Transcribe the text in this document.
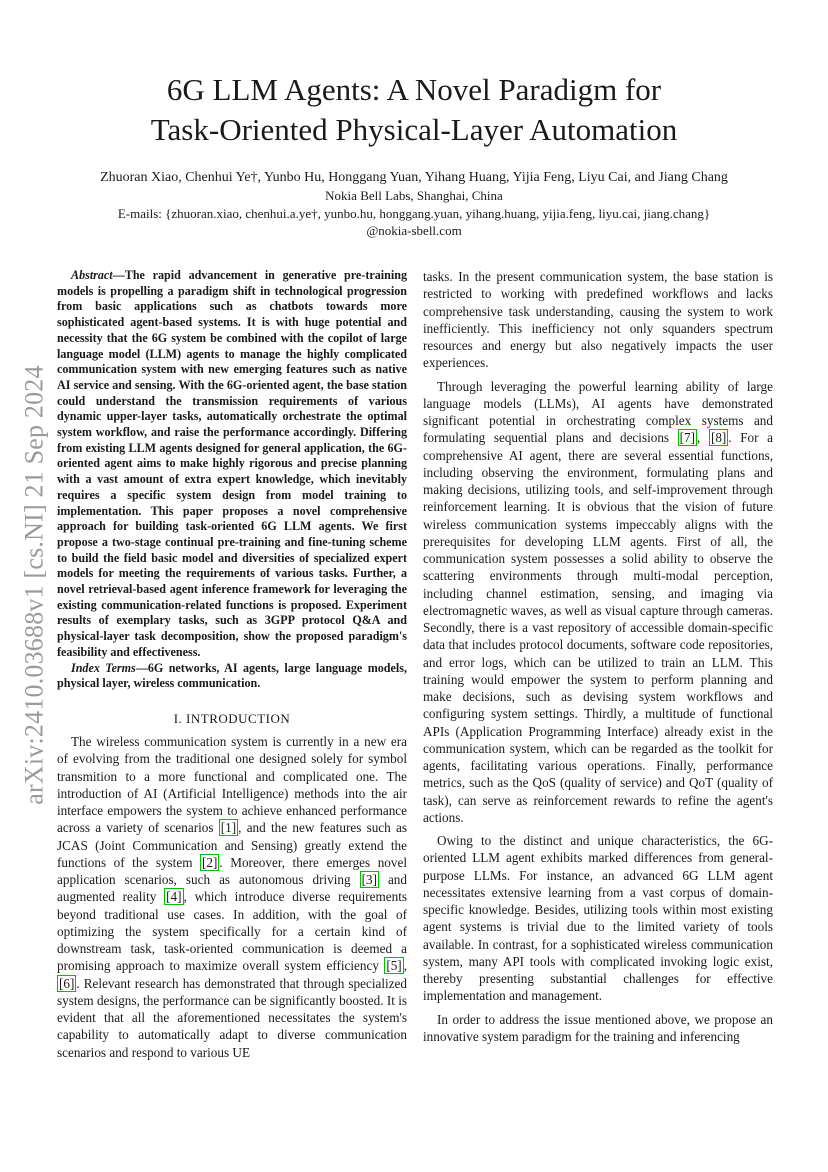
arXiv:2410.03688v1 [cs.NI] 21 Sep 2024
6G LLM Agents: A Novel Paradigm for
Task-Oriented Physical-Layer Automation
Zhuoran Xiao, Chenhui Ye†, Yunbo Hu, Honggang Yuan, Yihang Huang, Yijia Feng, Liyu Cai, and Jiang Chang
Nokia Bell Labs, Shanghai, China
E-mails: {zhuoran.xiao, chenhui.a.ye†, yunbo.hu, honggang.yuan, yihang.huang, yijia.feng, liyu.cai, jiang.chang}
@nokia-sbell.com

Abstract—The rapid advancement in generative pre-training models is propelling a paradigm shift in technological progression from basic applications such as chatbots towards more sophisticated agent-based systems. It is with huge potential and necessity that the 6G system be combined with the copilot of large language model (LLM) agents to manage the highly complicated communication system with new emerging features such as native AI service and sensing. With the 6G-oriented agent, the base station could understand the transmission requirements of various dynamic upper-layer tasks, automatically orchestrate the optimal system workflow, and raise the performance accordingly. Differing from existing LLM agents designed for general application, the 6G-oriented agent aims to make highly rigorous and precise planning with a vast amount of extra expert knowledge, which inevitably requires a specific system design from model training to implementation. This paper proposes a novel comprehensive approach for building task-oriented 6G LLM agents. We first propose a two-stage continual pre-training and fine-tuning scheme to build the field basic model and diversities of specialized expert models for meeting the requirements of various tasks. Further, a novel retrieval-based agent inference framework for leveraging the existing communication-related functions is proposed. Experiment results of exemplary tasks, such as 3GPP protocol Q&A and physical-layer task decomposition, show the proposed paradigm's feasibility and effectiveness.

Index Terms—6G networks, AI agents, large language models, physical layer, wireless communication.

I. INTRODUCTION

The wireless communication system is currently in a new era of evolving from the traditional one designed solely for symbol transmition to a more functional and complicated one. The introduction of AI (Artificial Intelligence) methods into the air interface empowers the system to achieve enhanced performance across a variety of scenarios [1] , and the new features such as JCAS (Joint Communication and Sensing) greatly extend the functions of the system [2] . Moreover, there emerges novel application scenarios, such as autonomous driving [3] and augmented reality [4] , which introduce diverse requirements beyond traditional use cases. In addition, with the goal of optimizing the system specifically for a certain kind of downstream task, task-oriented communication is deemed a promising approach to maximize overall system efficiency [5] , [6] . Relevant research has demonstrated that through specialized system designs, the performance can be significantly boosted. It is evident that all the aforementioned necessitates the system's capability to automatically adapt to diverse communication scenarios and respond to various UE

tasks. In the present communication system, the base station is restricted to working with predefined workflows and lacks comprehensive task understanding, causing the system to work inefficiently. This inefficiency not only squanders spectrum resources and energy but also negatively impacts the user experiences.

Through leveraging the powerful learning ability of large language models (LLMs), AI agents have demonstrated significant potential in orchestrating complex systems and formulating sequential plans and decisions [7] , [8] . For a comprehensive AI agent, there are several essential functions, including observing the environment, formulating plans and making decisions, utilizing tools, and self-improvement through reinforcement learning. It is obvious that the vision of future wireless communication systems impeccably aligns with the prerequisites for developing LLM agents. First of all, the communication system possesses a solid ability to observe the scattering environments through multi-modal perception, including channel estimation, sensing, and imaging via electromagnetic waves, as well as visual capture through cameras. Secondly, there is a vast repository of accessible domain-specific data that includes protocol documents, software code repositories, and error logs, which can be utilized to train an LLM. This training would empower the system to perform planning and make decisions, such as devising system workflows and configuring system settings. Thirdly, a multitude of functional APIs (Application Programming Interface) already exist in the communication system, which can be regarded as the toolkit for agents, facilitating various operations. Finally, performance metrics, such as the QoS (quality of service) and QoT (quality of task), can serve as reinforcement rewards to refine the agent's actions.

Owing to the distinct and unique characteristics, the 6G-oriented LLM agent exhibits marked differences from general-purpose LLMs. For instance, an advanced 6G LLM agent necessitates extensive learning from a vast corpus of domain-specific knowledge. Besides, utilizing tools within most existing agent systems is trivial due to the limited variety of tools available. In contrast, for a sophisticated wireless communication system, many API tools with complicated invoking logic exist, thereby presenting substantial challenges for effective implementation and management.

In order to address the issue mentioned above, we propose an innovative system paradigm for the training and inferencing
